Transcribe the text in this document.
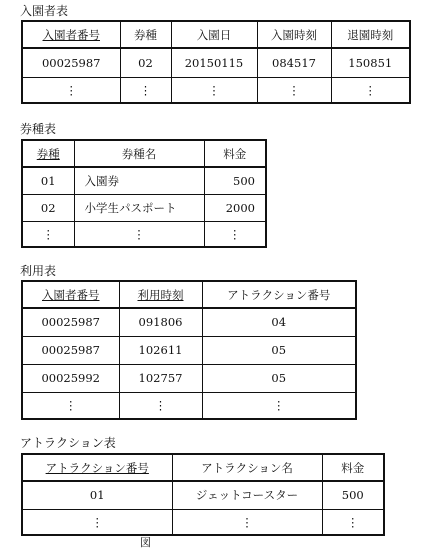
入園者表
入園者番号	券種	入園日	入園時刻	退園時刻
00025987	02	20150115	084517	150851
⋮	⋮	⋮	⋮	⋮
券種表
券種	券種名	料金
01	入園券	500
02	小学生パスポート	2000
⋮	⋮	⋮
利用表
入園者番号	利用時刻	アトラクション番号
00025987	091806	04
00025987	102611	05
00025992	102757	05
⋮	⋮	⋮
アトラクション表
アトラクション番号	アトラクション名	料金
01	ジェットコースター	500
⋮	⋮	⋮
図
